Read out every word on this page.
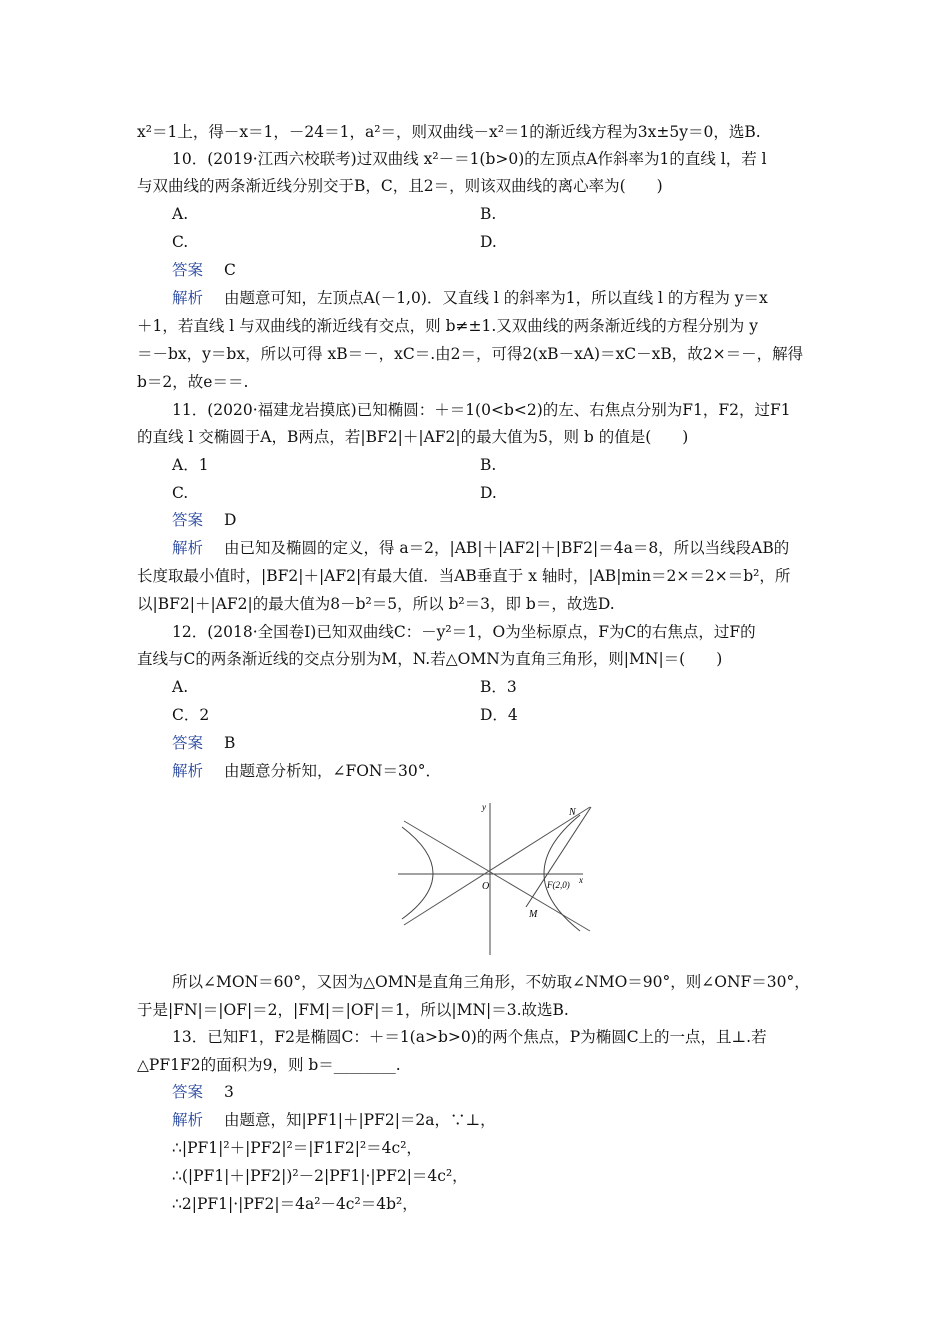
x²＝1上，得－x＝1，－24＝1，a²＝，则双曲线－x²＝1的渐近线方程为3x±5y＝0，选B.
10．(2019·江西六校联考)过双曲线 x²－＝1(b>0)的左顶点A作斜率为1的直线 l，若 l
与双曲线的两条渐近线分别交于B，C，且2＝，则该双曲线的离心率为(　　)
A.	B.
C.	D.
答案 C
解析 由题意可知，左顶点A(－1,0)．又直线 l 的斜率为1，所以直线 l 的方程为 y＝x
＋1，若直线 l 与双曲线的渐近线有交点，则 b≠±1.又双曲线的两条渐近线的方程分别为 y
＝－bx，y＝bx，所以可得 xB＝－，xC＝.由2＝，可得2(xB－xA)＝xC－xB，故2×＝－，解得
b＝2，故e＝＝.
11．(2020·福建龙岩摸底)已知椭圆：＋＝1(0<b<2)的左、右焦点分别为F1，F2，过F1
的直线 l 交椭圆于A，B两点，若|BF2|＋|AF2|的最大值为5，则 b 的值是(　　)
A．1	B.
C.	D.
答案 D
解析 由已知及椭圆的定义，得 a＝2，|AB|＋|AF2|＋|BF2|＝4a＝8，所以当线段AB的
长度取最小值时，|BF2|＋|AF2|有最大值．当AB垂直于 x 轴时，|AB|min＝2×＝2×＝b²，所
以|BF2|＋|AF2|的最大值为8－b²＝5，所以 b²＝3，即 b＝，故选D.
12．(2018·全国卷Ⅰ)已知双曲线C：－y²＝1，O为坐标原点，F为C的右焦点，过F的
直线与C的两条渐近线的交点分别为M，N.若△OMN为直角三角形，则|MN|＝(　　)
A.	B．3
C．2	D．4
答案 B
解析 由题意分析知，∠FON＝30°．
y	N
O	F(2,0) x
M
所以∠MON＝60°，又因为△OMN是直角三角形，不妨取∠NMO＝90°，则∠ONF＝30°，
于是|FN|＝|OF|＝2，|FM|＝|OF|＝1，所以|MN|＝3.故选B.
13．已知F1，F2是椭圆C：＋＝1(a>b>0)的两个焦点，P为椭圆C上的一点，且⊥.若
△PF1F2的面积为9，则 b＝________.
答案 3
解析 由题意，知|PF1|＋|PF2|＝2a，∵⊥，
∴|PF1|²＋|PF2|²＝|F1F2|²＝4c²，
∴(|PF1|＋|PF2|)²－2|PF1|·|PF2|＝4c²，
∴2|PF1|·|PF2|＝4a²－4c²＝4b²，
